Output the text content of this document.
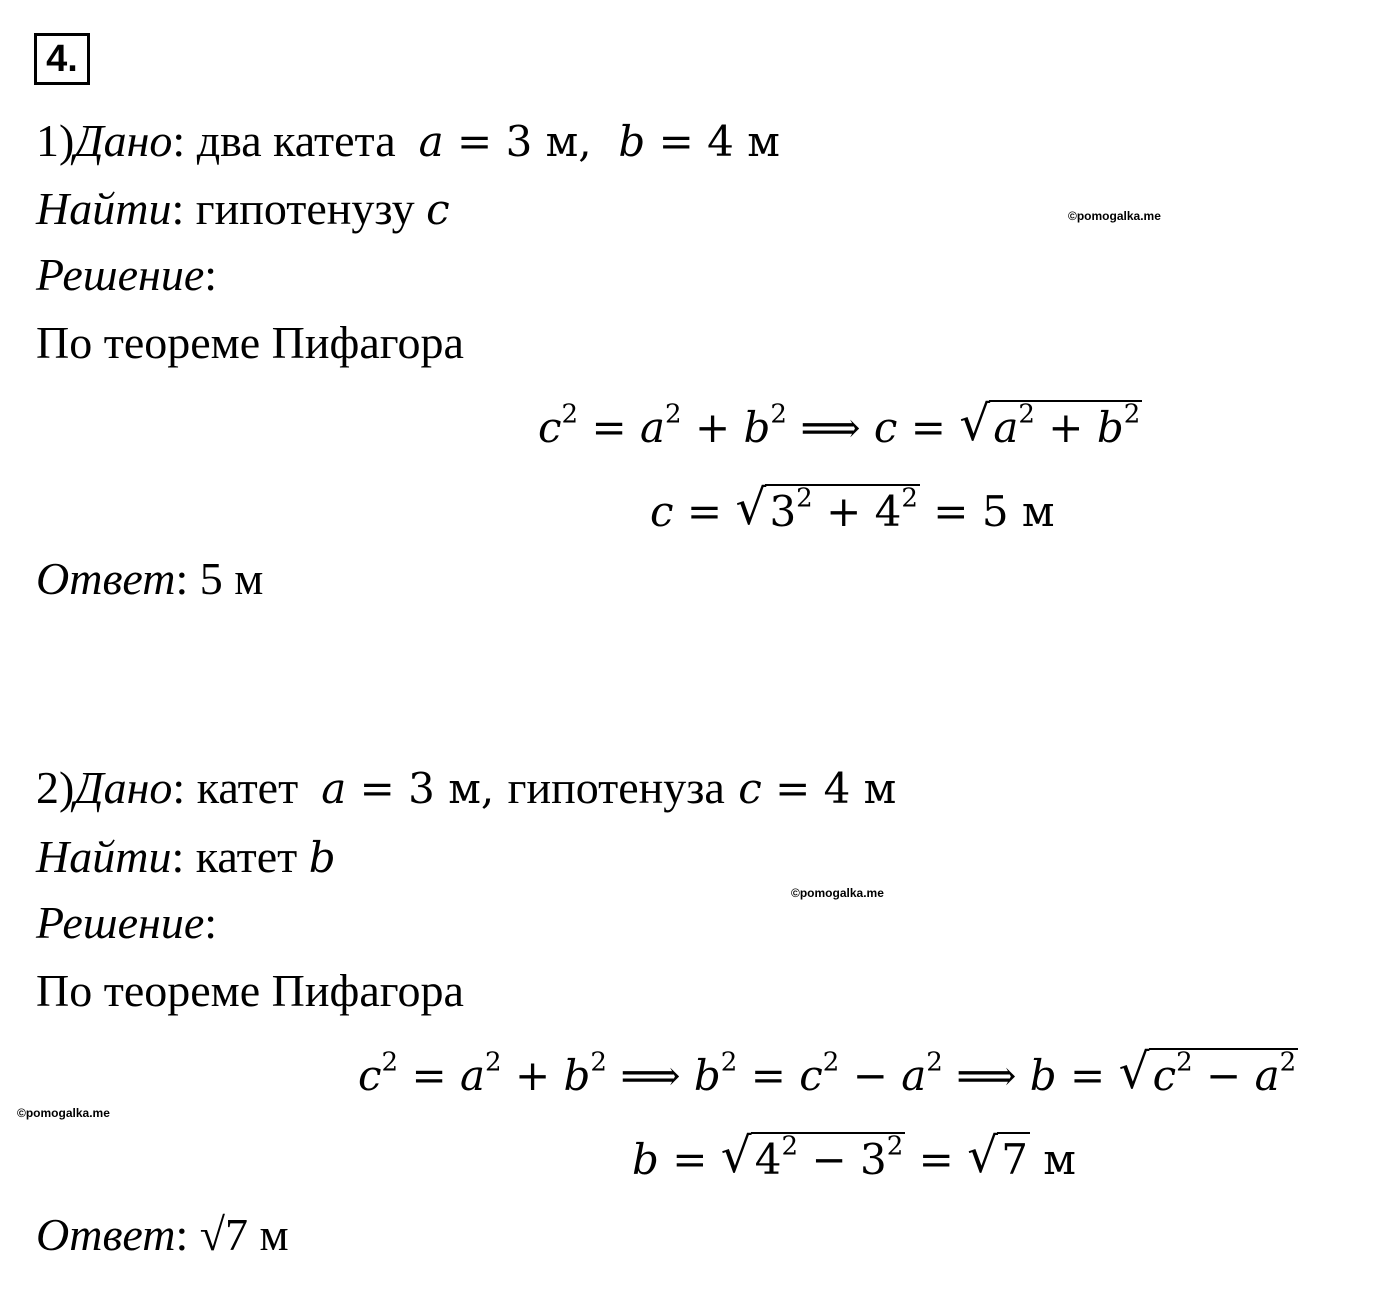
4.
1)Дано: два катета a = 3 м,  b = 4 м
Найти: гипотенузу c	©pomogalka.me
Решение:
По теореме Пифагора
$c^2 = a^2 + b^2$ ⟹ c = √ $a^2 + b^2$
c = √ $3^2 + 4^2 = 5$ м
Ответ: 5 м
2)Дано: катет a = 3 м, гипотенуза c = 4 м
Найти: катет b
©pomogalka.me
Решение:
По теореме Пифагора
$c^2 = a^2 + b^2$ ⟹ $b^2 = c^2 - a^2$ ⟹ b = √ $c^2 - a^2$
©pomogalka.me
b = √ $4^2 - 3^2$ = √ 7 м
Ответ: √7 м
